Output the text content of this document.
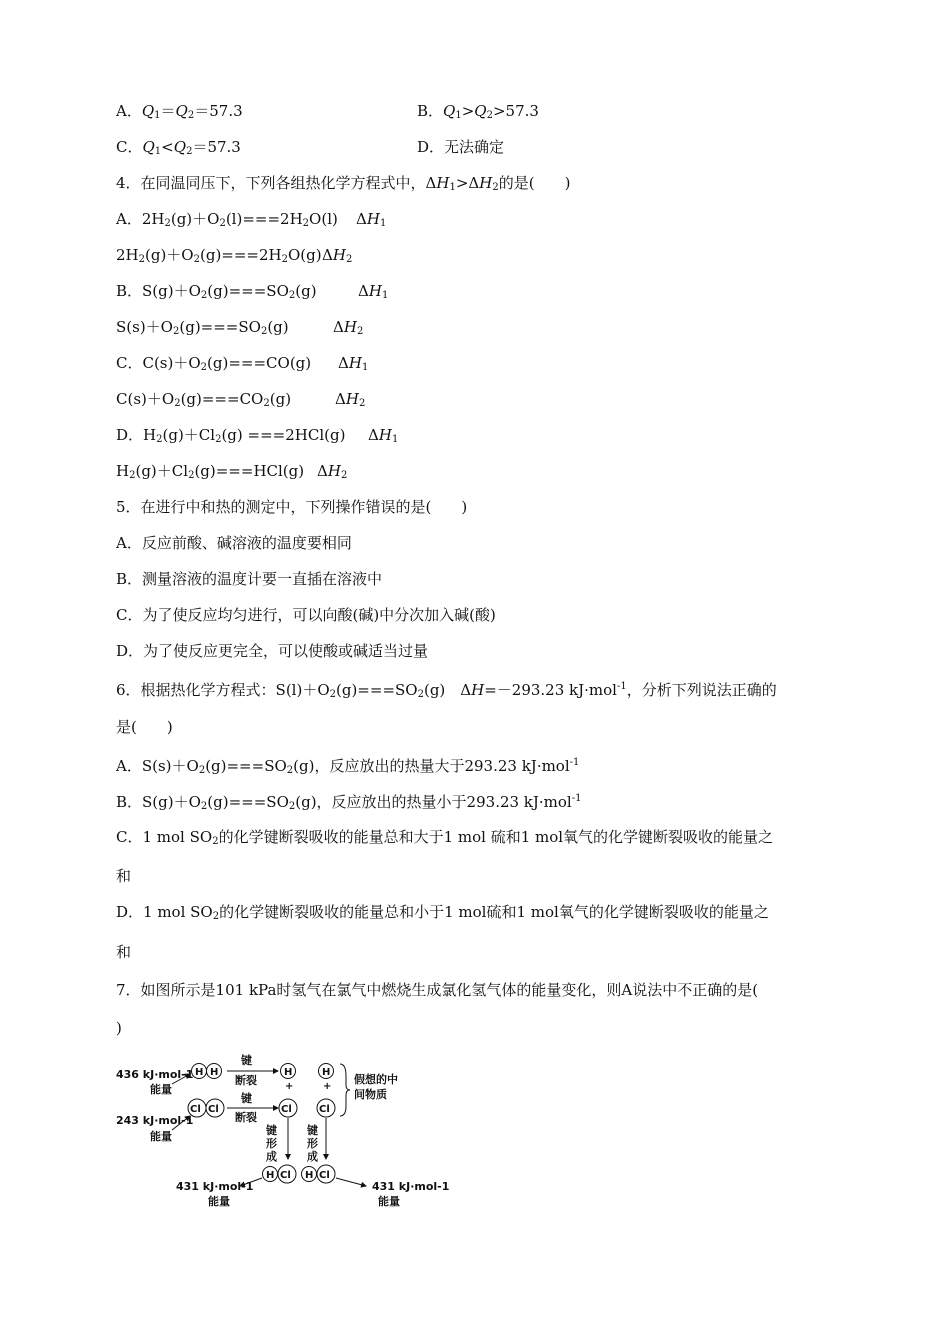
A．$Q_1=Q_2=57.3$	B．$Q_1>Q_2>57.3$
C．$Q_1<Q_2=57.3$	D．无法确定
4．在同温同压下，下列各组热化学方程式中，$\Delta H_1>\Delta H_2$的是(　　)
A．$2H_2(g)+O_2(l)===2H_2O(l)$ $\Delta H_1$
$2H_2(g)+O_2(g)===2H_2O(g)$ $\Delta H_2$
B．$S(g)+O_2(g)===SO_2(g)$	$\Delta H_1$
$S(s)+O_2(g)===SO_2(g)$	$\Delta H_2$
C．$C(s)+O_2(g)===CO(g)$ $\Delta H_1$
$C(s)+O_2(g)===CO_2(g)$	$\Delta H_2$
D．$H_2(g)+Cl_2(g) ===2HCl(g)$ $\Delta H_1$
$H_2(g)+Cl_2(g)===HCl(g)$ $\Delta H_2$
5．在进行中和热的测定中，下列操作错误的是(　　)
A．反应前酸、碱溶液的温度要相同
B．测量溶液的温度计要一直插在溶液中
C．为了使反应均匀进行，可以向酸(碱)中分次加入碱(酸)
D．为了使反应更完全，可以使酸或碱适当过量
6．根据热化学方程式：$S(l)+O_2(g)===SO_2(g)$　ΔH=－293.23 kJ·mol$^{-1}$，分析下列说法正确的
是(　　)
A．$S(s)+O_2(g)===SO_2(g)$，反应放出的热量大于293.23 kJ·mol$^{-1}$
B．$S(g)+O_2(g)===SO_2(g)$，反应放出的热量小于293.23 kJ·mol$^{-1}$
C．1 mol $SO_2$的化学键断裂吸收的能量总和大于1 mol 硫和1 mol氧气的化学键断裂吸收的能量之
和
D．1 mol $SO_2$的化学键断裂吸收的能量总和小于1 mol硫和1 mol氧气的化学键断裂吸收的能量之
和
7．如图所示是101 kPa时氢气在氯气中燃烧生成氯化氢气体的能量变化，则A说法中不正确的是(
)
436 kJ·mol-1
能量
243 kJ·mol-1
能量
H H
Cl Cl
键
断裂
键
断裂
H
+
Cl
H
+
Cl
假想的中
间物质
键
形
成
键
形
成
H Cl H Cl
431 kJ·mol-1
能量
431 kJ·mol-1
能量
